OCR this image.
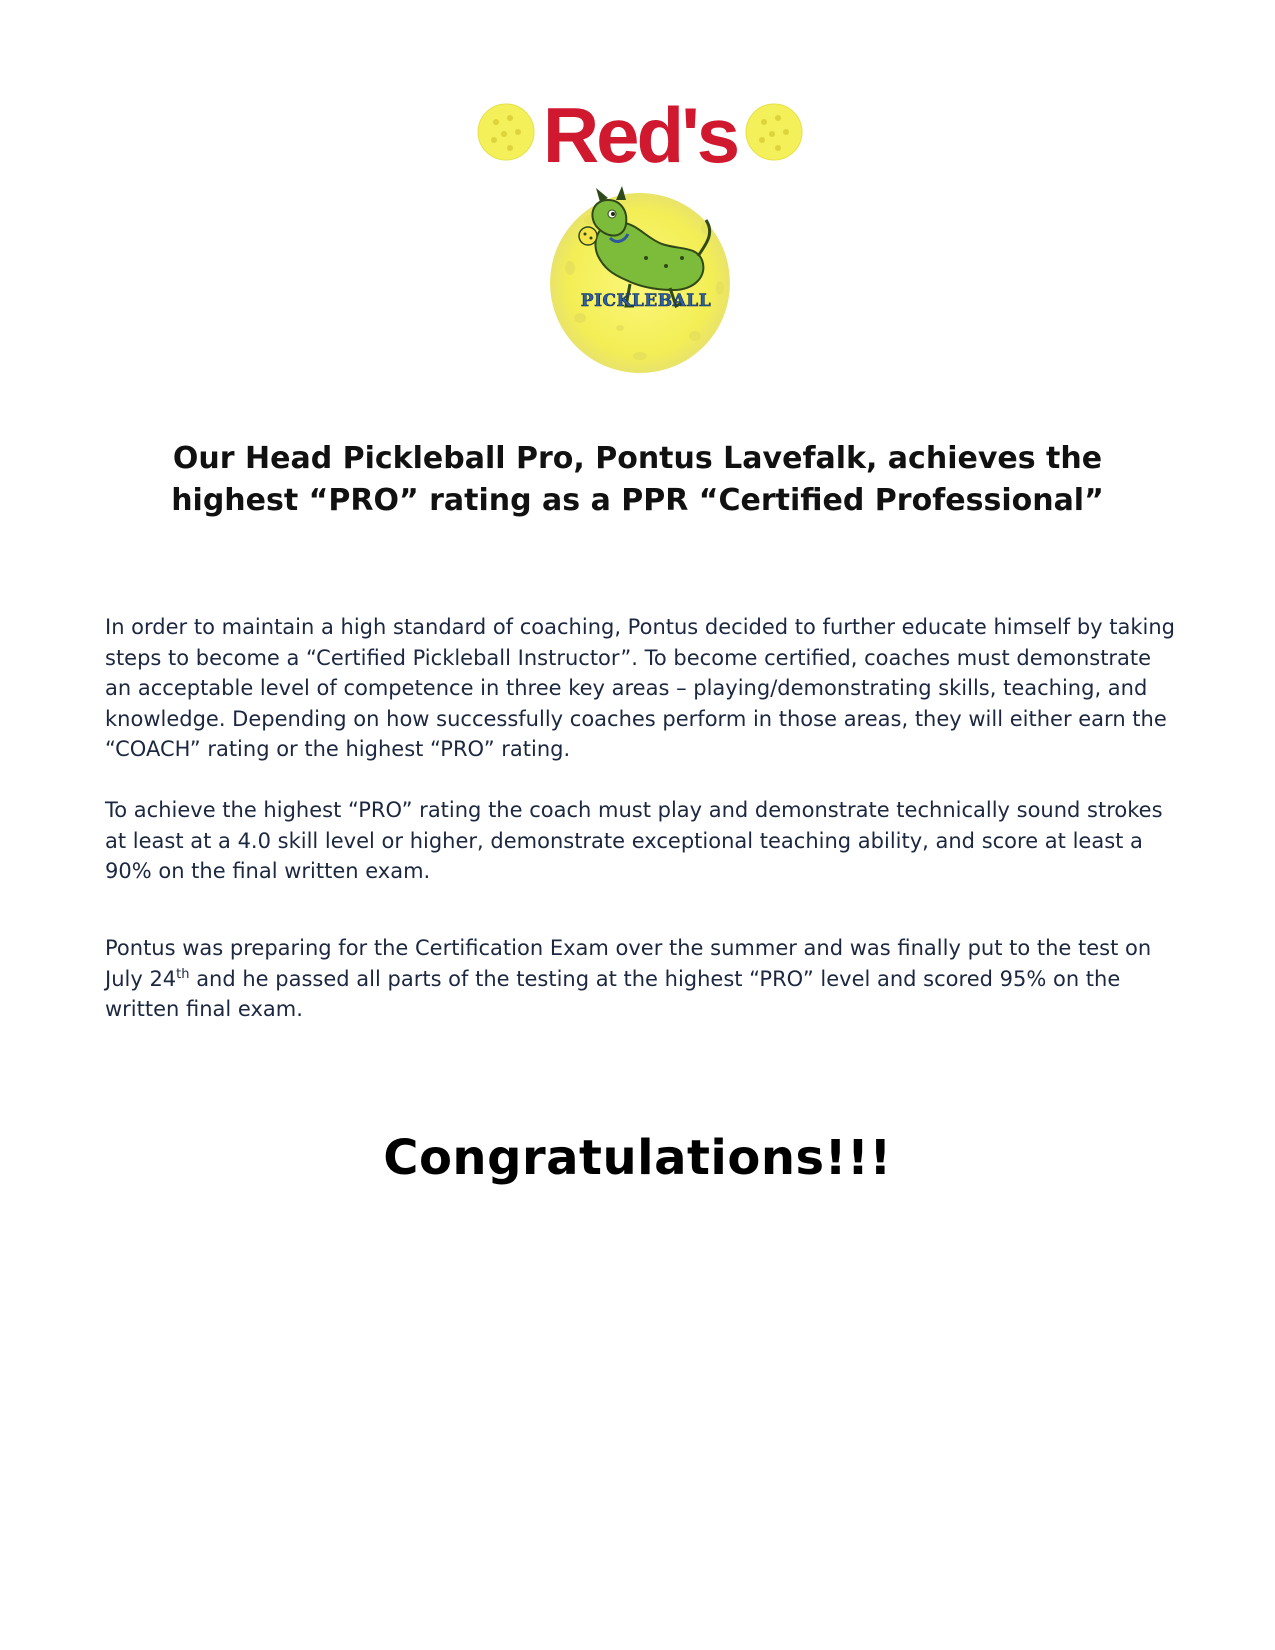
Red's
PICKLEBALL
Our Head Pickleball Pro, Pontus Lavefalk, achieves the
highest “PRO” rating as a PPR “Certified Professional”

In order to maintain a high standard of coaching, Pontus decided to further educate himself by taking steps to become a “Certified Pickleball Instructor”. To become certified, coaches must demonstrate an acceptable level of competence in three key areas – playing/demonstrating skills, teaching, and knowledge. Depending on how successfully coaches perform in those areas, they will either earn the “COACH” rating or the highest “PRO” rating.

To achieve the highest “PRO” rating the coach must play and demonstrate technically sound strokes at least at a 4.0 skill level or higher, demonstrate exceptional teaching ability, and score at least a 90% on the final written exam.

Pontus was preparing for the Certification Exam over the summer and was finally put to the test on July 24th and he passed all parts of the testing at the highest “PRO” level and scored 95% on the written final exam.

Congratulations!!!
